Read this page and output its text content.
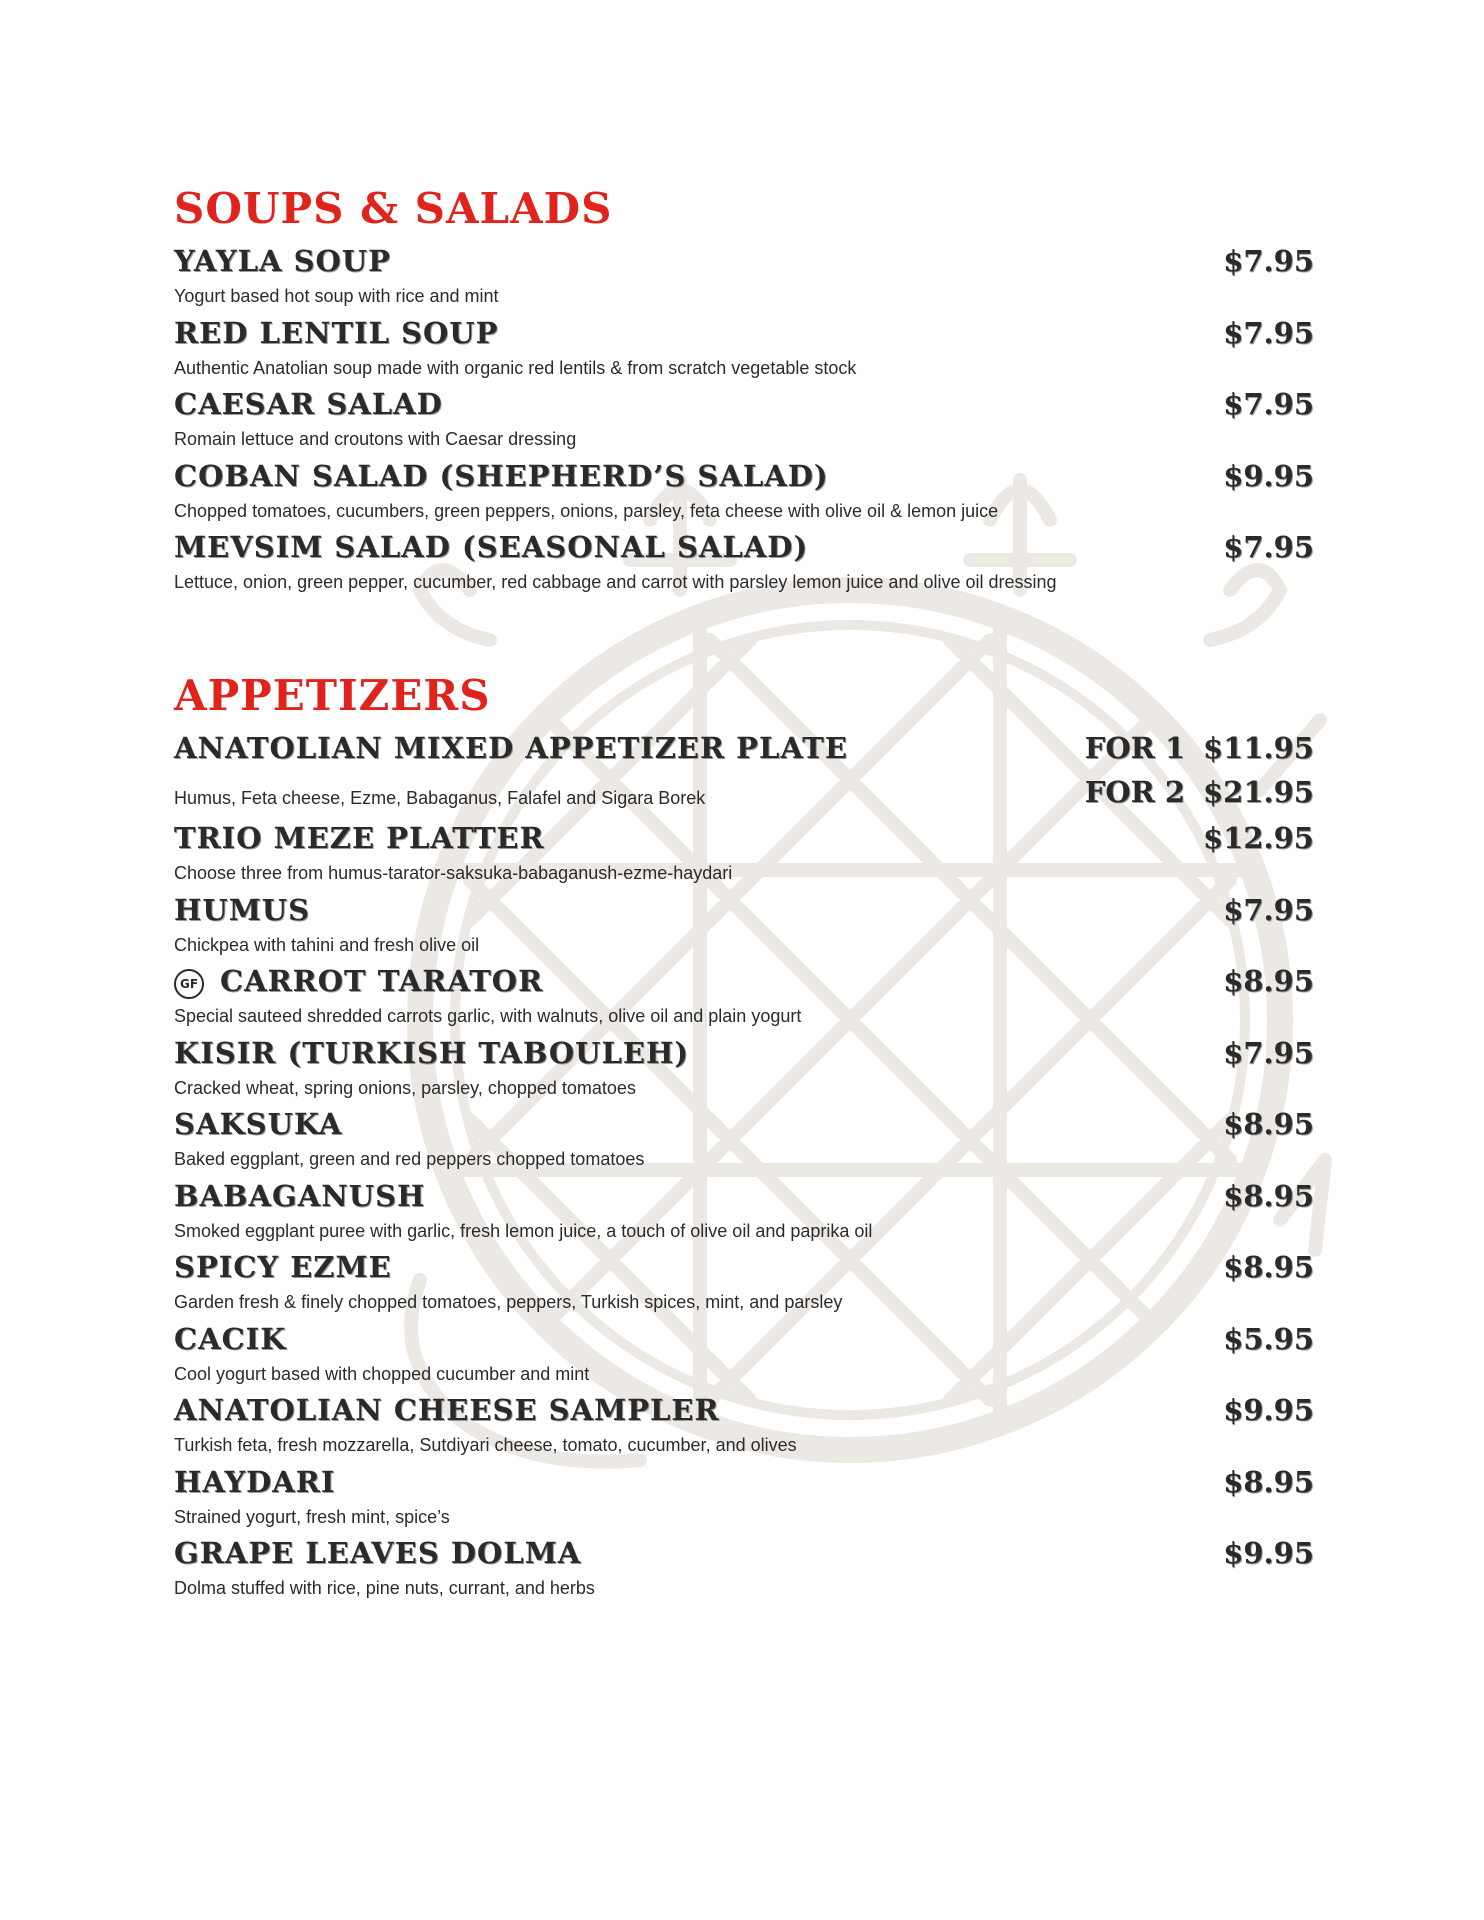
SOUPS & SALADS
YAYLA SOUP	$7.95
Yogurt based hot soup with rice and mint
RED LENTIL SOUP	$7.95
Authentic Anatolian soup made with organic red lentils & from scratch vegetable stock
CAESAR SALAD	$7.95
Romain lettuce and croutons with Caesar dressing
COBAN SALAD (SHEPHERD’S SALAD)	$9.95
Chopped tomatoes, cucumbers, green peppers, onions, parsley, feta cheese with olive oil & lemon juice
MEVSIM SALAD (SEASONAL SALAD)	$7.95
Lettuce, onion, green pepper, cucumber, red cabbage and carrot with parsley lemon juice and olive oil dressing
APPETIZERS
ANATOLIAN MIXED APPETIZER PLATE	FOR 1 $11.95
FOR 2 $21.95
Humus, Feta cheese, Ezme, Babaganus, Falafel and Sigara Borek
TRIO MEZE PLATTER	$12.95
Choose three from humus-tarator-saksuka-babaganush-ezme-haydari
HUMUS	$7.95
Chickpea with tahini and fresh olive oil
GF CARROT TARATOR	$8.95
Special sauteed shredded carrots garlic, with walnuts, olive oil and plain yogurt
KISIR (TURKISH TABOULEH)	$7.95
Cracked wheat, spring onions, parsley, chopped tomatoes
SAKSUKA	$8.95
Baked eggplant, green and red peppers chopped tomatoes
BABAGANUSH	$8.95
Smoked eggplant puree with garlic, fresh lemon juice, a touch of olive oil and paprika oil
SPICY EZME	$8.95
Garden fresh & finely chopped tomatoes, peppers, Turkish spices, mint, and parsley
CACIK	$5.95
Cool yogurt based with chopped cucumber and mint
ANATOLIAN CHEESE SAMPLER	$9.95
Turkish feta, fresh mozzarella, Sutdiyari cheese, tomato, cucumber, and olives
HAYDARI	$8.95
Strained yogurt, fresh mint, spice’s
GRAPE LEAVES DOLMA	$9.95
Dolma stuffed with rice, pine nuts, currant, and herbs
